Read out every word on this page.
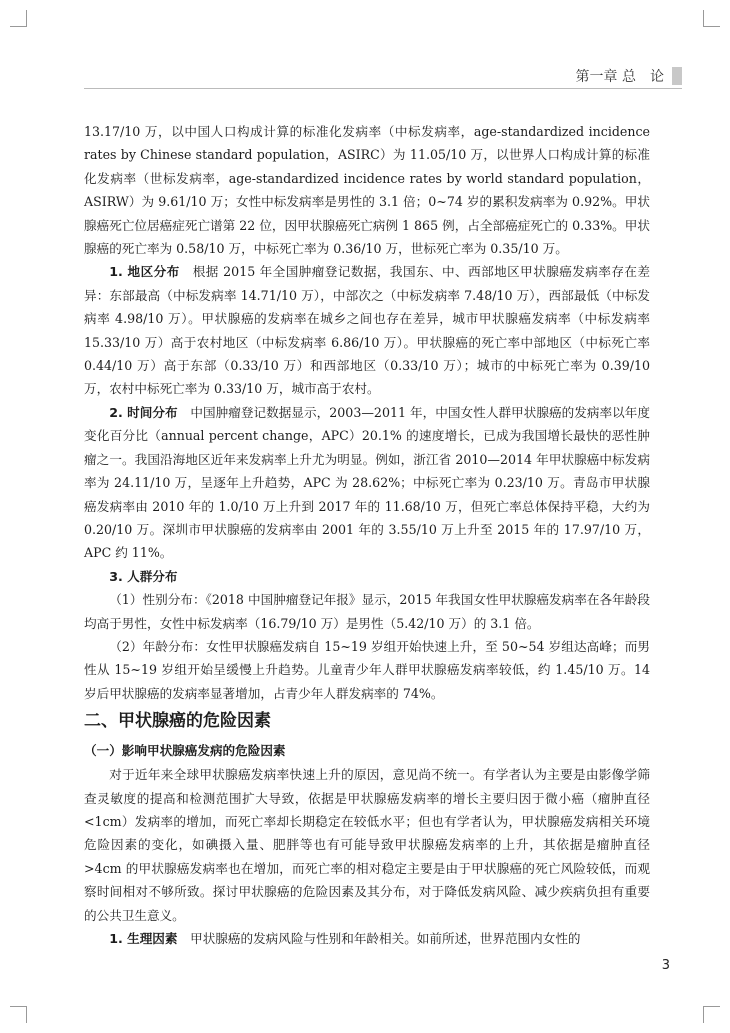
第一章 总　论

13.17/10 万，以中国人口构成计算的标准化发病率（中标发病率，age-standardized incidence rates by Chinese standard population，ASIRC）为 11.05/10 万，以世界人口构成计算的标准化发病率（世标发病率，age-standardized incidence rates by world standard population，ASIRW）为 9.61/10 万；女性中标发病率是男性的 3.1 倍；0~74 岁的累积发病率为 0.92%。甲状腺癌死亡位居癌症死亡谱第 22 位，因甲状腺癌死亡病例 1 865 例，占全部癌症死亡的 0.33%。甲状腺癌的死亡率为 0.58/10 万，中标死亡率为 0.36/10 万，世标死亡率为 0.35/10 万。

1. 地区分布　 根据 2015 年全国肿瘤登记数据，我国东、中、西部地区甲状腺癌发病率存在差异：东部最高（中标发病率 14.71/10 万），中部次之（中标发病率 7.48/10 万），西部最低（中标发病率 4.98/10 万）。甲状腺癌的发病率在城乡之间也存在差异，城市甲状腺癌发病率（中标发病率 15.33/10 万）高于农村地区（中标发病率 6.86/10 万）。甲状腺癌的死亡率中部地区（中标死亡率 0.44/10 万）高于东部（0.33/10 万）和西部地区（0.33/10 万）；城市的中标死亡率为 0.39/10 万，农村中标死亡率为 0.33/10 万，城市高于农村。

2. 时间分布　 中国肿瘤登记数据显示，2003—2011 年，中国女性人群甲状腺癌的发病率以年度变化百分比（annual percent change，APC）20.1% 的速度增长，已成为我国增长最快的恶性肿瘤之一。我国沿海地区近年来发病率上升尤为明显。例如，浙江省 2010—2014 年甲状腺癌中标发病率为 24.11/10 万，呈逐年上升趋势，APC 为 28.62%；中标死亡率为 0.23/10 万。青岛市甲状腺癌发病率由 2010 年的 1.0/10 万上升到 2017 年的 11.68/10 万，但死亡率总体保持平稳，大约为 0.20/10 万。深圳市甲状腺癌的发病率由 2001 年的 3.55/10 万上升至 2015 年的 17.97/10 万，APC 约 11%。

3. 人群分布

（1）性别分布：《2018 中国肿瘤登记年报》显示，2015 年我国女性甲状腺癌发病率在各年龄段均高于男性，女性中标发病率（16.79/10 万）是男性（5.42/10 万）的 3.1 倍。

（2）年龄分布：女性甲状腺癌发病自 15~19 岁组开始快速上升，至 50~54 岁组达高峰；而男性从 15~19 岁组开始呈缓慢上升趋势。儿童青少年人群甲状腺癌发病率较低，约 1.45/10 万。14 岁后甲状腺癌的发病率显著增加，占青少年人群发病率的 74%。

二、甲状腺癌的危险因素
（一）影响甲状腺癌发病的危险因素

对于近年来全球甲状腺癌发病率快速上升的原因，意见尚不统一。有学者认为主要是由影像学筛查灵敏度的提高和检测范围扩大导致，依据是甲状腺癌发病率的增长主要归因于微小癌（瘤肿直径<1cm）发病率的增加，而死亡率却长期稳定在较低水平；但也有学者认为，甲状腺癌发病相关环境危险因素的变化，如碘摄入量、肥胖等也有可能导致甲状腺癌发病率的上升，其依据是瘤肿直径>4cm 的甲状腺癌发病率也在增加，而死亡率的相对稳定主要是由于甲状腺癌的死亡风险较低，而观察时间相对不够所致。探讨甲状腺癌的危险因素及其分布，对于降低发病风险、减少疾病负担有重要的公共卫生意义。

1. 生理因素　 甲状腺癌的发病风险与性别和年龄相关。如前所述，世界范围内女性的

3
